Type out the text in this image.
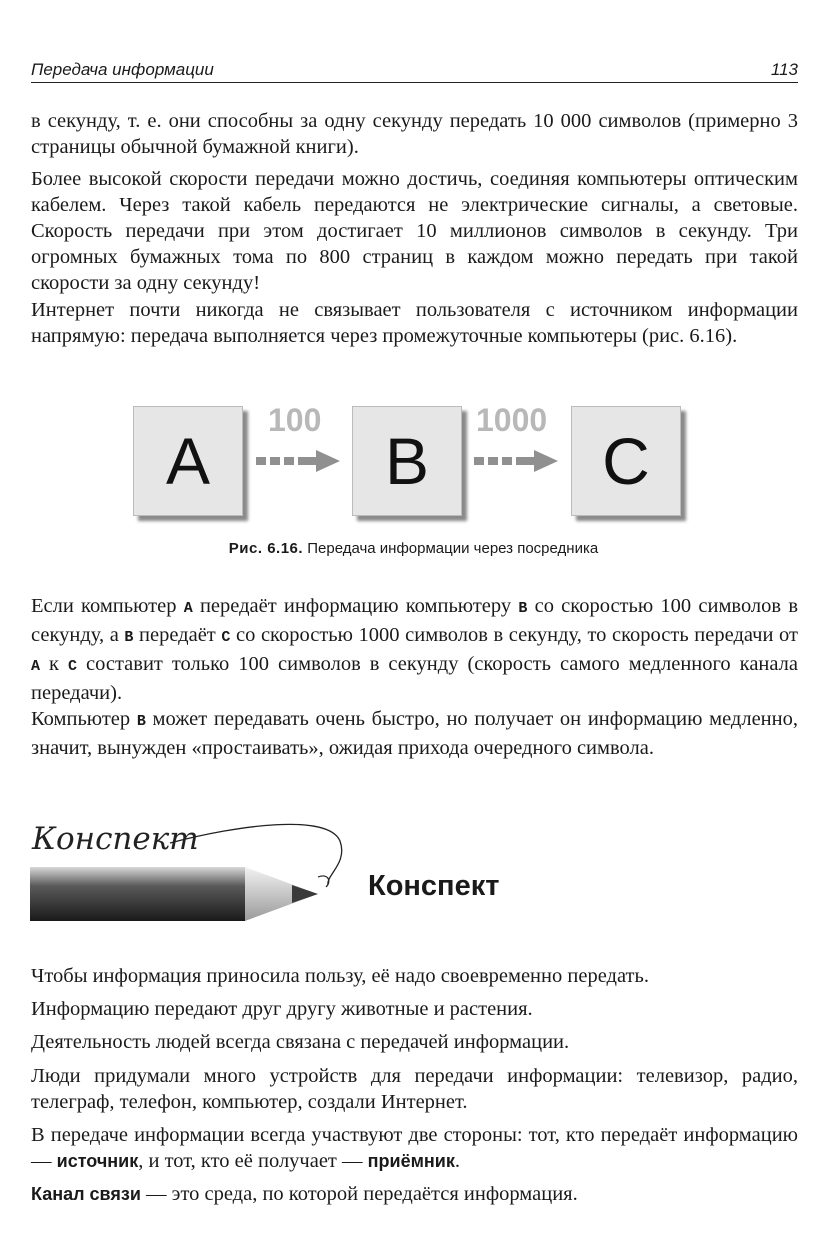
Передача информации	113

в секунду, т. е. они способны за одну секунду передать 10 000 символов (примерно 3 страницы обычной бумажной книги).

Более высокой скорости передачи можно достичь, соединяя компьютеры оптическим кабелем. Через такой кабель передаются не электрические сигналы, а световые. Скорость передачи при этом достигает 10 миллионов символов в секунду. Три огромных бумажных тома по 800 страниц в каждом можно передать при такой скорости за одну секунду!

Интернет почти никогда не связывает пользователя с источником информации напрямую: передача выполняется через промежуточные компьютеры (рис. 6.16).

A
100
B
1000
C
Рис. 6.16. Передача информации через посредника

Если компьютер A передаёт информацию компьютеру B со скоростью 100 символов в секунду, а B передаёт C со скоростью 1000 символов в секунду, то скорость передачи от A к C составит только 100 символов в секунду (скорость самого медленного канала передачи).

Компьютер B может передавать очень быстро, но получает он информацию медленно, значит, вынужден «простаивать», ожидая прихода очередного символа.

Конспект
Конспект

Чтобы информация приносила пользу, её надо своевременно передать.

Информацию передают друг другу животные и растения.

Деятельность людей всегда связана с передачей информации.

Люди придумали много устройств для передачи информации: телевизор, радио, телеграф, телефон, компьютер, создали Интернет.

В передаче информации всегда участвуют две стороны: тот, кто передаёт информацию — источник, и тот, кто её получает — приёмник.

Канал связи — это среда, по которой передаётся информация.
